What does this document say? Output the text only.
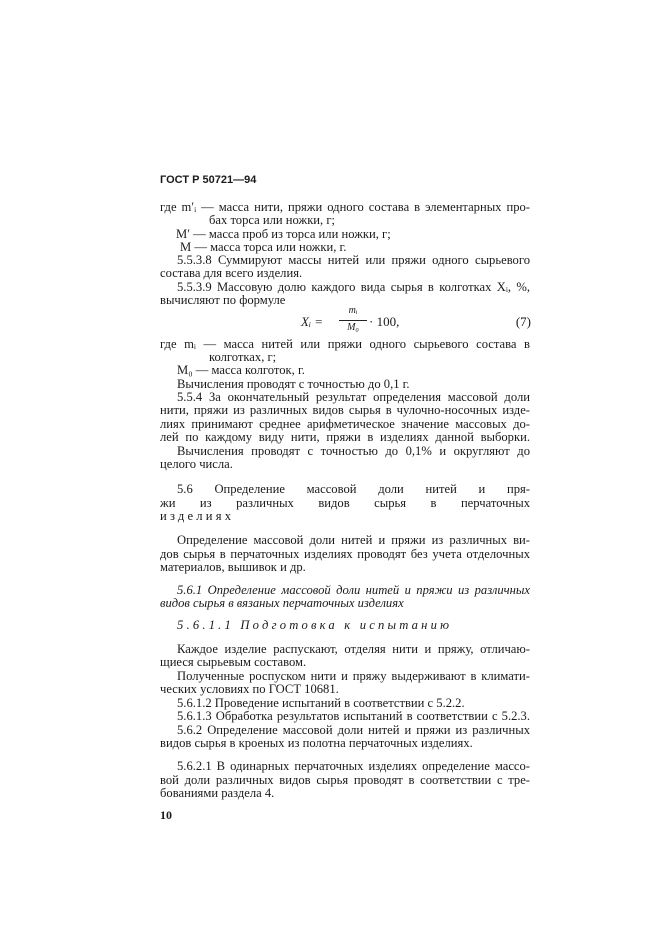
ГОСТ Р 50721—94
где m′ᵢ — масса нити, пряжи одного состава в элементарных про-
бах торса или ножки, г;
M′ — масса проб из торса или ножки, г;
M — масса торса или ножки, г.
5.5.3.8 Суммируют массы нитей или пряжи одного сырьевого
состава для всего изделия.
5.5.3.9 Массовую долю каждого вида сырья в колготках Xᵢ, %,
вычисляют по формуле
Xᵢ =
mᵢ
M₀ · 100,	(7)
где mᵢ — масса нитей или пряжи одного сырьевого состава в
колготках, г;
M₀ — масса колготок, г.
Вычисления проводят с точностью до 0,1 г.
5.5.4 За окончательный результат определения массовой доли
нити, пряжи из различных видов сырья в чулочно-носочных изде-
лиях принимают среднее арифметическое значение массовых до-
лей по каждому виду нити, пряжи в изделиях данной выборки.
Вычисления проводят с точностью до 0,1% и округляют до
целого числа.
5.6 Определение массовой доли нитей и пря-
жи из различных видов сырья в перчаточных
изделиях
Определение массовой доли нитей и пряжи из различных ви-
дов сырья в перчаточных изделиях проводят без учета отделочных
материалов, вышивок и др.
5.6.1 Определение массовой доли нитей и пряжи из различных
видов сырья в вязаных перчаточных изделиях
5.6.1.1 Подготовка к испытанию
Каждое изделие распускают, отделяя нити и пряжу, отличаю-
щиеся сырьевым составом.
Полученные роспуском нити и пряжу выдерживают в климати-
ческих условиях по ГОСТ 10681.
5.6.1.2 Проведение испытаний в соответствии с 5.2.2.
5.6.1.3 Обработка результатов испытаний в соответствии с 5.2.3.
5.6.2 Определение массовой доли нитей и пряжи из различных
видов сырья в кроеных из полотна перчаточных изделиях.
5.6.2.1 В одинарных перчаточных изделиях определение массо-
вой доли различных видов сырья проводят в соответствии с тре-
бованиями раздела 4.
10
